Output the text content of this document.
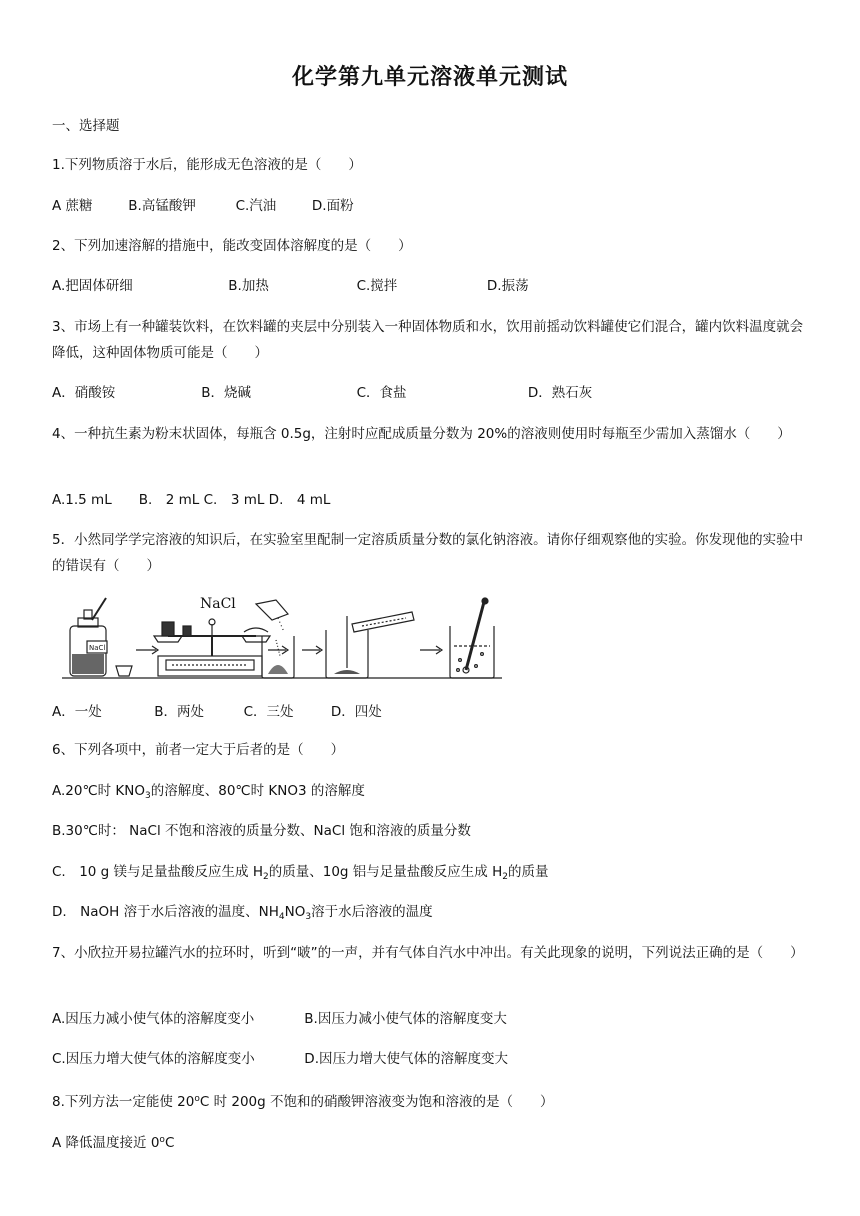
化学第九单元溶液单元测试
一、选择题
1.下列物质溶于水后，能形成无色溶液的是（　　）
A 蔗糖	B.高锰酸钾	C.汽油	D.面粉
2、下列加速溶解的措施中，能改变固体溶解度的是（　　）
A.把固体研细	B.加热	C.搅拌	D.振荡
3、市场上有一种罐装饮料，在饮料罐的夹层中分别装入一种固体物质和水，饮用前摇动饮料罐使它们混合，罐内饮料温度就会降低，这种固体物质可能是（　　）
A．硝酸铵	B．烧碱	C．食盐	D．熟石灰
4、一种抗生素为粉末状固体，每瓶含 0.5g，注射时应配成质量分数为 20%的溶液则使用时每瓶至少需加入蒸馏水（　　）
A.1.5 mL　　B.　2 mL C.　3 mL D.　4 mL
5．小然同学学完溶液的知识后，在实验室里配制一定溶质质量分数的氯化钠溶液。请你仔细观察他的实验。你发现他的实验中的错误有（　　）
NaCl
NaCl
A．一处	B．两处	C．三处	D．四处
6、下列各项中，前者一定大于后者的是（　　）
A.20℃时 $KNO_3$的溶解度、80℃时 KNO3 的溶解度
B.30℃时： NaCl 不饱和溶液的质量分数、NaCl 饱和溶液的质量分数
C.　10 g 镁与足量盐酸反应生成 $H_2$的质量、10g 铝与足量盐酸反应生成 $H_2$的质量
D.　NaOH 溶于水后溶液的温度、$NH_4NO_3$溶于水后溶液的温度
7、小欣拉开易拉罐汽水的拉环时，听到“啵”的一声，并有气体自汽水中冲出。有关此现象的说明，下列说法正确的是（　　）
A.因压力减小使气体的溶解度变小	B.因压力减小使气体的溶解度变大
C.因压力增大使气体的溶解度变小	D.因压力增大使气体的溶解度变大
8.下列方法一定能使 20$^o$C 时 200g 不饱和的硝酸钾溶液变为饱和溶液的是（　　）
A 降低温度接近 0$^o$C
